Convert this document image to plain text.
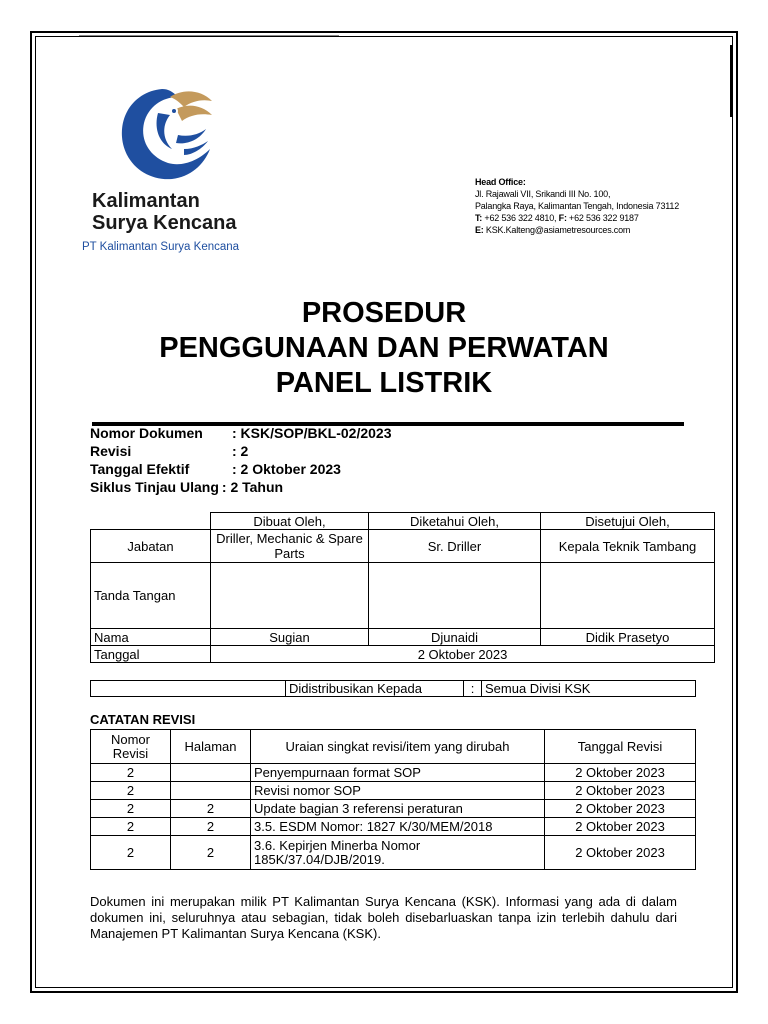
Kalimantan
Surya Kencana
PT Kalimantan Surya Kencana
Head Office:
Jl. Rajawali VII, Srikandi III No. 100,
Palangka Raya, Kalimantan Tengah, Indonesia 73112
T: +62 536 322 4810, F: +62 536 322 9187
E: KSK.Kalteng@asiametresources.com
PROSEDUR
PENGGUNAAN DAN PERWATAN
PANEL LISTRIK
Nomor Dokumen	: KSK/SOP/BKL-02/2023
Revisi	: 2
Tanggal Efektif	: 2 Oktober 2023
Siklus Tinjau Ulang : 2 Tahun
	Dibuat Oleh,	Diketahui Oleh,	Disetujui Oleh,
Jabatan	Driller, Mechanic & Spare Parts	Sr. Driller	Kepala Teknik Tambang
Tanda Tangan			
Nama	Sugian	Djunaidi	Didik Prasetyo
Tanggal	2 Oktober 2023		
	Didistribusikan Kepada	:	Semua Divisi KSK
CATATAN REVISI
Nomor Revisi	Halaman	Uraian singkat revisi/item yang dirubah	Tanggal Revisi
2		Penyempurnaan format SOP	2 Oktober 2023
2		Revisi nomor SOP	2 Oktober 2023
2	2	Update bagian 3 referensi peraturan	2 Oktober 2023
2	2	3.5. ESDM Nomor: 1827 K/30/MEM/2018	2 Oktober 2023
2	2	3.6. Kepirjen Minerba Nomor 185K/37.04/DJB/2019.	2 Oktober 2023
Dokumen ini merupakan milik PT Kalimantan Surya Kencana (KSK). Informasi yang ada di dalam dokumen ini, seluruhnya atau sebagian, tidak boleh disebarluaskan tanpa izin terlebih dahulu dari Manajemen PT Kalimantan Surya Kencana (KSK).
